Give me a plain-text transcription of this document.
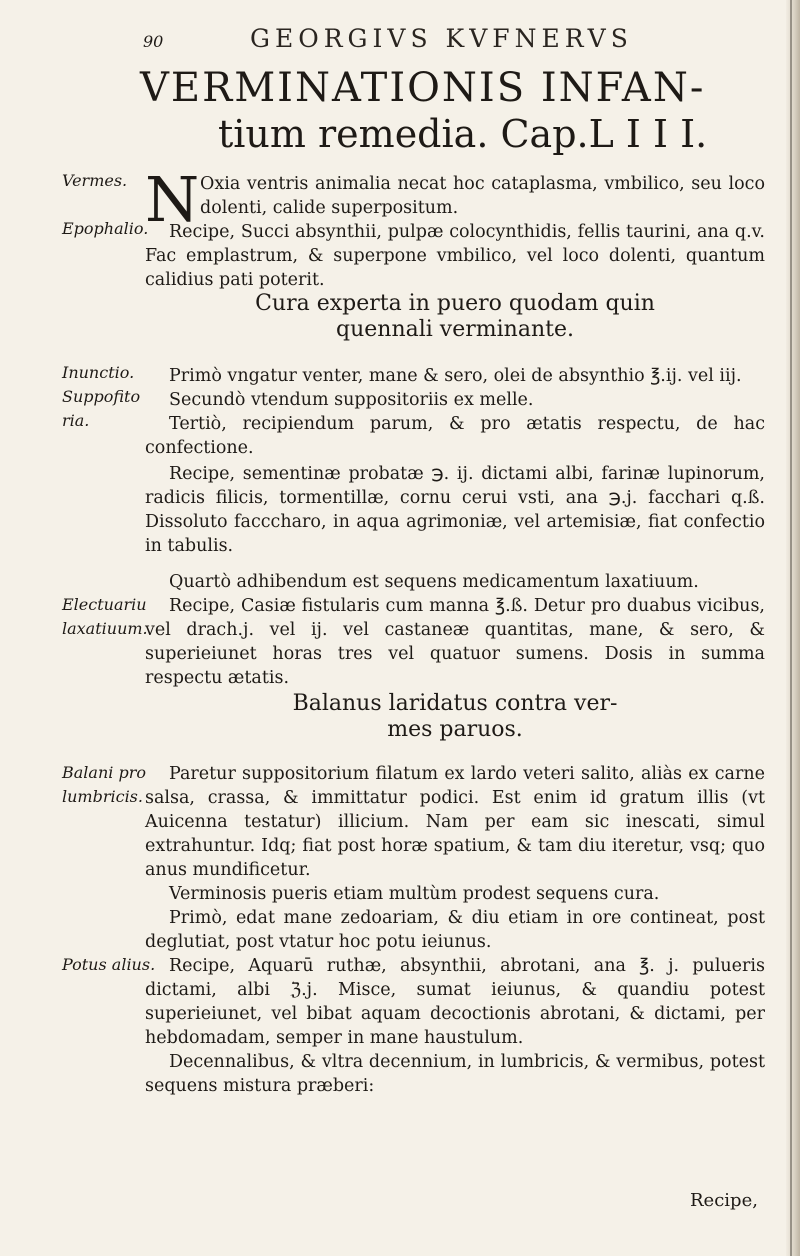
90	GEORGIVS KVFNERVS
VERMINATIONIS INFAN-
tium remedia. Cap.L I I I.
Vermes.
Epophalio.
Inunctio.
Suppofito
ria.
Electuariu
laxatiuum.
Balani pro
lumbricis.
Potus alius.
N Oxia ventris animalia necat hoc cataplasma, vmbilico, seu loco dolenti, calide superpositum.
Recipe, Succi absynthii, pulpæ colocynthidis, fellis taurini, ana q.v. Fac emplastrum, & superpone vmbilico, vel loco dolenti, quantum calidius pati poterit.
Cura experta in puero quodam quin
quennali verminante.
Primò vngatur venter, mane & sero, olei de absynthio ℥.ij. vel iij.
Secundò vtendum suppositoriis ex melle.
Tertiò, recipiendum parum, & pro ætatis respectu, de hac confectione.
Recipe, sementinæ probatæ ℈. ij. dictami albi, farinæ lupinorum, radicis filicis, tormentillæ, cornu cerui vsti, ana ℈.j. facchari q.ß. Dissoluto facccharo, in aqua agrimoniæ, vel artemisiæ, fiat confectio in tabulis.
Quartò adhibendum est sequens medicamentum laxatiuum.
Recipe, Casiæ fistularis cum manna ℥.ß. Detur pro duabus vicibus, vel drach.j. vel ij. vel castaneæ quantitas, mane, & sero, & superieiunet horas tres vel quatuor sumens. Dosis in summa respectu ætatis.
Balanus laridatus contra ver-
mes paruos.
Paretur suppositorium filatum ex lardo veteri salito, aliàs ex carne salsa, crassa, & immittatur podici. Est enim id gratum illis (vt Auicenna testatur) illicium. Nam per eam sic inescati, simul extrahuntur. Idq; fiat post horæ spatium, & tam diu iteretur, vsq; quo anus mundificetur.
Verminosis pueris etiam multùm prodest sequens cura.
Primò, edat mane zedoariam, & diu etiam in ore contineat, post deglutiat, post vtatur hoc potu ieiunus.
Recipe, Aquarū ruthæ, absynthii, abrotani, ana ℥. j. pulueris dictami, albi ℨ.j. Misce, sumat ieiunus, & quandiu potest superieiunet, vel bibat aquam decoctionis abrotani, & dictami, per hebdomadam, semper in mane haustulum.
Decennalibus, & vltra decennium, in lumbricis, & vermibus, potest sequens mistura præberi:
Recipe,
